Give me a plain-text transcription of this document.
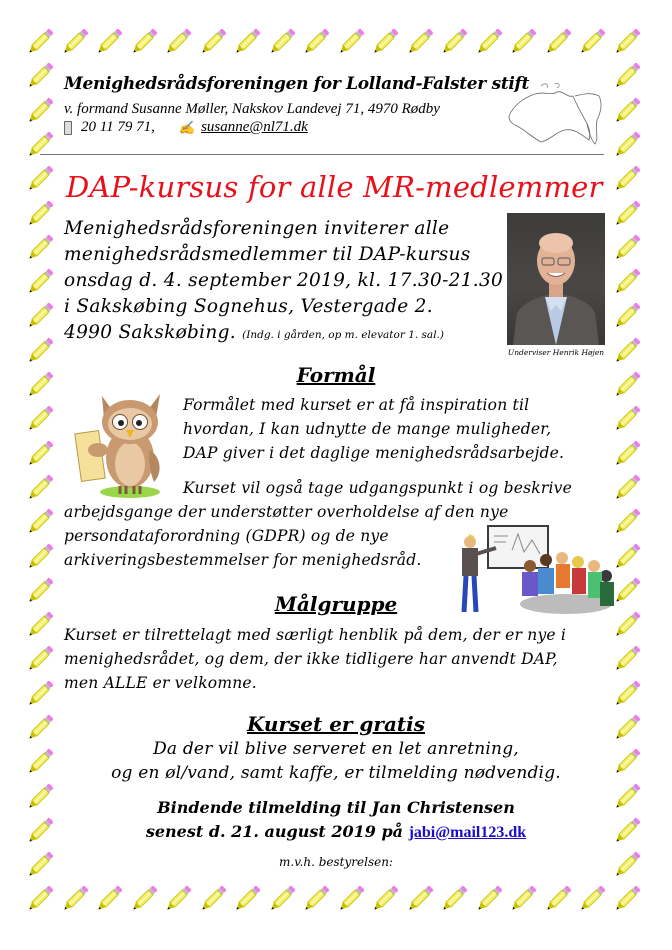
Menighedsrådsforeningen for Lolland-Falster stift
v. formand Susanne Møller, Nakskov Landevej 71, 4970 Rødby
20 11 79 71, ✍ susanne@nl71.dk
DAP-kursus for alle MR-medlemmer
Menighedsrådsforeningen inviterer alle
menighedsrådsmedlemmer til DAP-kursus
onsdag d. 4. september 2019, kl. 17.30-21.30
i Sakskøbing Sognehus, Vestergade 2.
4990 Sakskøbing. (Indg. i gården, op m. elevator 1. sal.)
Underviser Henrik Højen
Formål
Formålet med kurset er at få inspiration til
hvordan, I kan udnytte de mange muligheder,
DAP giver i det daglige menighedsrådsarbejde.
Kurset vil også tage udgangspunkt i og beskrive
arbejdsgange der understøtter overholdelse af den nye
persondataforordning (GDPR) og de nye
arkiveringsbestemmelser for menighedsråd.
Målgruppe
Kurset er tilrettelagt med særligt henblik på dem, der er nye i
menighedsrådet, og dem, der ikke tidligere har anvendt DAP,
men ALLE er velkomne.
Kurset er gratis
Da der vil blive serveret en let anretning,
og en øl/vand, samt kaffe, er tilmelding nødvendig.
Bindende tilmelding til Jan Christensen
senest d. 21. august 2019 på jabi@mail123.dk
m.v.h. bestyrelsen:
